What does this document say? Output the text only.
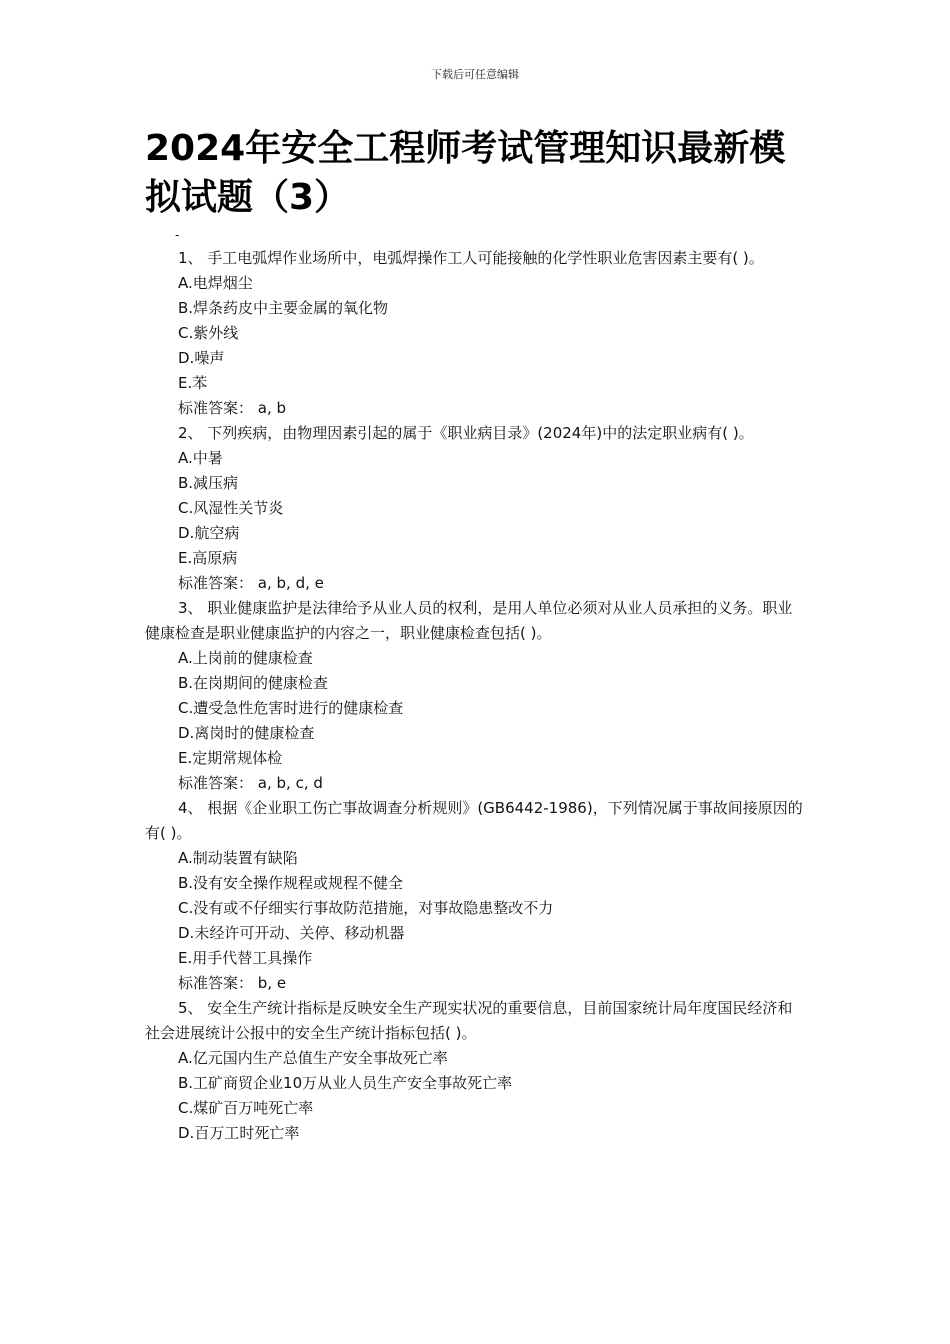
下载后可任意编辑
2024年安全工程师考试管理知识最新模拟试题（3）

-

1、 手工电弧焊作业场所中，电弧焊操作工人可能接触的化学性职业危害因素主要有( )。

A.电焊烟尘

B.焊条药皮中主要金属的氧化物

C.紫外线

D.噪声

E.苯

标准答案： a, b

2、 下列疾病，由物理因素引起的属于《职业病目录》(2024年)中的法定职业病有( )。

A.中暑

B.减压病

C.风湿性关节炎

D.航空病

E.高原病

标准答案： a, b, d, e

3、 职业健康监护是法律给予从业人员的权利，是用人单位必须对从业人员承担的义务。职业健康检查是职业健康监护的内容之一，职业健康检查包括( )。

A.上岗前的健康检查

B.在岗期间的健康检查

C.遭受急性危害时进行的健康检查

D.离岗时的健康检查

E.定期常规体检

标准答案： a, b, c, d

4、 根据《企业职工伤亡事故调查分析规则》(GB6442-1986)，下列情况属于事故间接原因的有( )。

A.制动装置有缺陷

B.没有安全操作规程或规程不健全

C.没有或不仔细实行事故防范措施，对事故隐患整改不力

D.未经许可开动、关停、移动机器

E.用手代替工具操作

标准答案： b, e

5、 安全生产统计指标是反映安全生产现实状况的重要信息，目前国家统计局年度国民经济和社会进展统计公报中的安全生产统计指标包括( )。

A.亿元国内生产总值生产安全事故死亡率

B.工矿商贸企业10万从业人员生产安全事故死亡率

C.煤矿百万吨死亡率

D.百万工时死亡率
